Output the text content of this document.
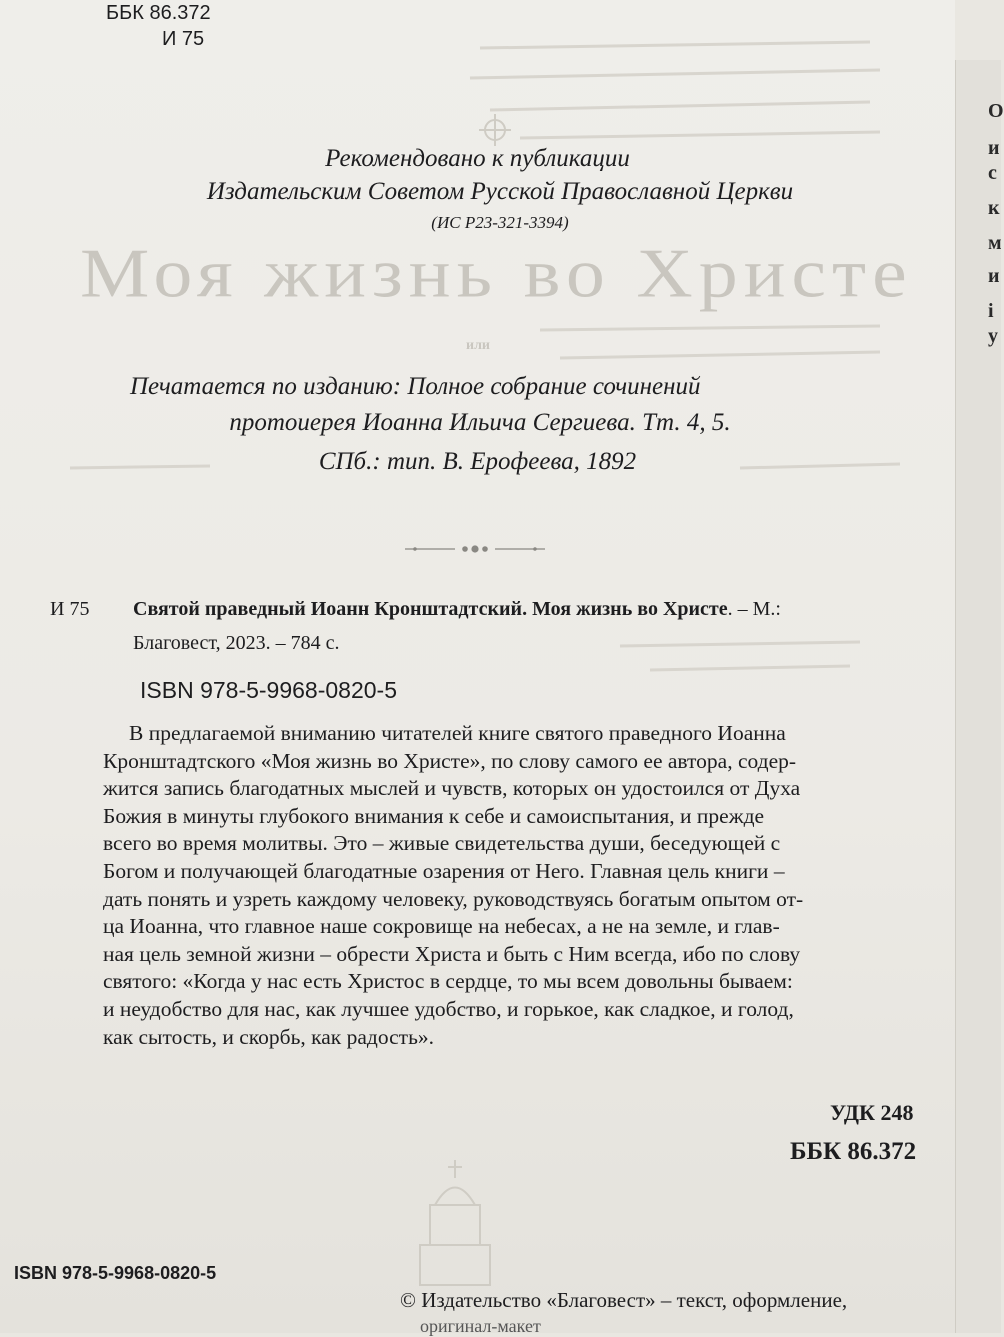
Моя жизнь во Христе
или
ББК 86.372
И 75
Рекомендовано к публикации
Издательским Советом Русской Православной Церкви
(ИС Р23-321-3394)
Печатается по изданию: Полное собрание сочинений
протоиерея Иоанна Ильича Сергиева. Тт. 4, 5.
СПб.: тип. В. Ерофеева, 1892
И 75 Святой праведный Иоанн Кронштадтский. Моя жизнь во Христе. – М.:
Благовест, 2023. – 784 с.
ISBN 978-5-9968-0820-5
В предлагаемой вниманию читателей книге святого праведного Иоанна
Кронштадтского «Моя жизнь во Христе», по слову самого ее автора, содер-
жится запись благодатных мыслей и чувств, которых он удостоился от Духа
Божия в минуты глубокого внимания к себе и самоиспытания, и прежде
всего во время молитвы. Это – живые свидетельства души, беседующей с
Богом и получающей благодатные озарения от Него. Главная цель книги –
дать понять и узреть каждому человеку, руководствуясь богатым опытом от-
ца Иоанна, что главное наше сокровище на небесах, а не на земле, и глав-
ная цель земной жизни – обрести Христа и быть с Ним всегда, ибо по слову
святого: «Когда у нас есть Христос в сердце, то мы всем довольны бываем:
и неудобство для нас, как лучшее удобство, и горькое, как сладкое, и голод,
как сытость, и скорбь, как радость».
УДК 248
ББК 86.372
ISBN 978-5-9968-0820-5
© Издательство «Благовест» – текст, оформление,
оригинал-макет
О
и
с
к
м
и
i
у
